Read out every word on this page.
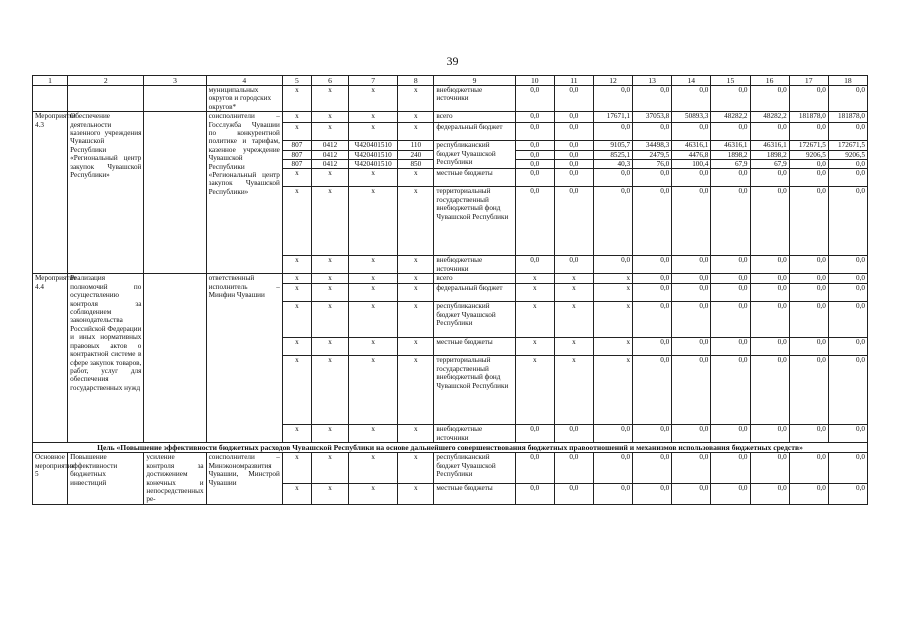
39
1	2	3	4	5	6	7	8	9	10	11	12	13	14	15	16	17	18
			муниципальных округов и городских округов*	х	х	х	х	внебюджетные источники	0,0	0,0	0,0	0,0	0,0	0,0	0,0	0,0	0,0
Мероприятие 4.3	Обеспечение деятельности казенного учреждения Чувашской Республики «Региональный центр закупок Чувашской Республики»		соисполнители – Госслужба Чувашии по конкурентной политике и тарифам, казенное учреждение Чувашской Республики «Региональный центр закупок Чувашской Республики»	х	х	х	х	всего	0,0	0,0	17671,1	37053,8	50893,3	48282,2	48282,2	181878,0	181878,0
				х	х	х	х	федеральный бюджет	0,0	0,0	0,0	0,0	0,0	0,0	0,0	0,0	0,0
				807	0412	Ч420401510	110	республиканский бюджет Чувашской Республики	0,0	0,0	9105,7	34498,3	46316,1	46316,1	46316,1	172671,5	172671,5
				807	0412	Ч420401510	240		0,0	0,0	8525,1	2479,5	4476,8	1898,2	1898,2	9206,5	9206,5
				807	0412	Ч420401510	850		0,0	0,0	40,3	76,0	100,4	67,9	67,9	0,0	0,0
				х	х	х	х	местные бюджеты	0,0	0,0	0,0	0,0	0,0	0,0	0,0	0,0	0,0
				х	х	х	х	территориальный государственный внебюджетный фонд Чувашской Республики	0,0	0,0	0,0	0,0	0,0	0,0	0,0	0,0	0,0
				х	х	х	х	внебюджетные источники	0,0	0,0	0,0	0,0	0,0	0,0	0,0	0,0	0,0
Мероприятие 4.4	Реализация полномочий по осуществлению контроля за соблюдением законодательства Российской Федерации и иных нормативных правовых актов о контрактной системе в сфере закупок товаров, работ, услуг для обеспечения государственных нужд		ответственный исполнитель – Минфин Чувашии	х	х	х	х	всего	х	х	х	0,0	0,0	0,0	0,0	0,0	0,0
				х	х	х	х	федеральный бюджет	х	х	х	0,0	0,0	0,0	0,0	0,0	0,0
				х	х	х	х	республиканский бюджет Чувашской Республики	х	х	х	0,0	0,0	0,0	0,0	0,0	0,0
				х	х	х	х	местные бюджеты	х	х	х	0,0	0,0	0,0	0,0	0,0	0,0
				х	х	х	х	территориальный государственный внебюджетный фонд Чувашской Республики	х	х	х	0,0	0,0	0,0	0,0	0,0	0,0
				х	х	х	х	внебюджетные источники	0,0	0,0	0,0	0,0	0,0	0,0	0,0	0,0	0,0
Цель «Повышение эффективности бюджетных расходов Чувашской Республики на основе дальнейшего совершенствования бюджетных правоотношений и механизмов использования бюджетных средств»																	
Основное мероприятие 5	Повышение эффективности бюджетных инвестиций	усиление контроля за достижением конечных и непосредственных ре-	соисполнители – Минэкономразвития Чувашии, Минстрой Чувашии	х	х	х	х	республиканский бюджет Чувашской Республики	0,0	0,0	0,0	0,0	0,0	0,0	0,0	0,0	0,0
				х	х	х	х	местные бюджеты	0,0	0,0	0,0	0,0	0,0	0,0	0,0	0,0	0,0
